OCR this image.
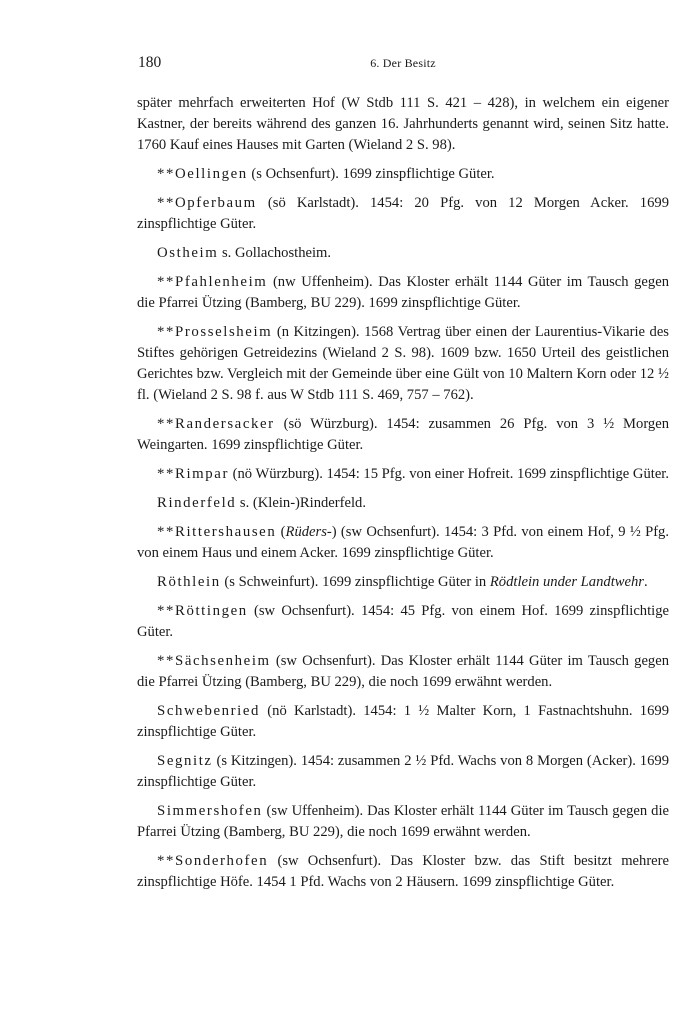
180	6. Der Besitz

später mehrfach erweiterten Hof (W Stdb 111 S. 421 – 428), in welchem ein eigener Kastner, der bereits während des ganzen 16. Jahrhunderts genannt wird, seinen Sitz hatte. 1760 Kauf eines Hauses mit Garten (Wieland 2 S. 98).

**Oellingen (s Ochsenfurt). 1699 zinspflichtige Güter.

**Opferbaum (sö Karlstadt). 1454: 20 Pfg. von 12 Morgen Acker. 1699 zinspflichtige Güter.

Ostheim s. Gollachostheim.

**Pfahlenheim (nw Uffenheim). Das Kloster erhält 1144 Güter im Tausch gegen die Pfarrei Ützing (Bamberg, BU 229). 1699 zinspflichtige Güter.

**Prosselsheim (n Kitzingen). 1568 Vertrag über einen der Laurentius-Vikarie des Stiftes gehörigen Getreidezins (Wieland 2 S. 98). 1609 bzw. 1650 Urteil des geistlichen Gerichtes bzw. Vergleich mit der Gemeinde über eine Gült von 10 Maltern Korn oder 12 ½ fl. (Wieland 2 S. 98 f. aus W Stdb 111 S. 469, 757 – 762).

**Randersacker (sö Würzburg). 1454: zusammen 26 Pfg. von 3 ½ Morgen Weingarten. 1699 zinspflichtige Güter.

**Rimpar (nö Würzburg). 1454: 15 Pfg. von einer Hofreit. 1699 zinspflichtige Güter.

Rinderfeld s. (Klein-)Rinderfeld.

**Rittershausen (Rüders-) (sw Ochsenfurt). 1454: 3 Pfd. von einem Hof, 9 ½ Pfg. von einem Haus und einem Acker. 1699 zinspflichtige Güter.

Röthlein (s Schweinfurt). 1699 zinspflichtige Güter in Rödtlein under Landtwehr.

**Röttingen (sw Ochsenfurt). 1454: 45 Pfg. von einem Hof. 1699 zinspflichtige Güter.

**Sächsenheim (sw Ochsenfurt). Das Kloster erhält 1144 Güter im Tausch gegen die Pfarrei Ützing (Bamberg, BU 229), die noch 1699 erwähnt werden.

Schwebenried (nö Karlstadt). 1454: 1 ½ Malter Korn, 1 Fastnachtshuhn. 1699 zinspflichtige Güter.

Segnitz (s Kitzingen). 1454: zusammen 2 ½ Pfd. Wachs von 8 Morgen (Acker). 1699 zinspflichtige Güter.

Simmershofen (sw Uffenheim). Das Kloster erhält 1144 Güter im Tausch gegen die Pfarrei Ützing (Bamberg, BU 229), die noch 1699 erwähnt werden.

**Sonderhofen (sw Ochsenfurt). Das Kloster bzw. das Stift besitzt mehrere zinspflichtige Höfe. 1454 1 Pfd. Wachs von 2 Häusern. 1699 zinspflichtige Güter.
